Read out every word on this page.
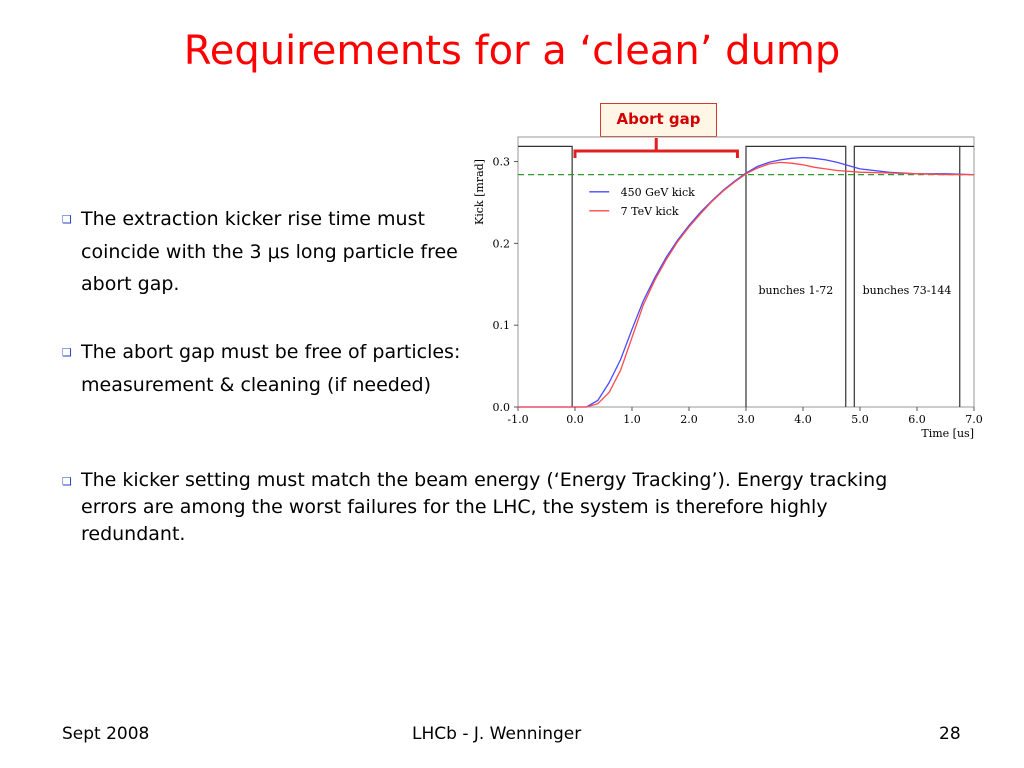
Requirements for a ‘clean’ dump
❑ The extraction kicker rise time must coincide with the 3 μs long particle free abort gap.
❑ The abort gap must be free of particles: measurement & cleaning (if needed)
❑ The kicker setting must match the beam energy (‘Energy Tracking’). Energy tracking errors are among the worst failures for the LHC, the system is therefore highly redundant.
Abort gap
bunches 1-72	bunches 73-144
-1.0	0.0	1.0	2.0	3.0	4.0	5.0	6.0	7.0
0.0
0.1
0.2
0.3
450 GeV kick
7 TeV kick
Kick [mrad]
Time [us]
Sept 2008	LHCb - J. Wenninger	28
